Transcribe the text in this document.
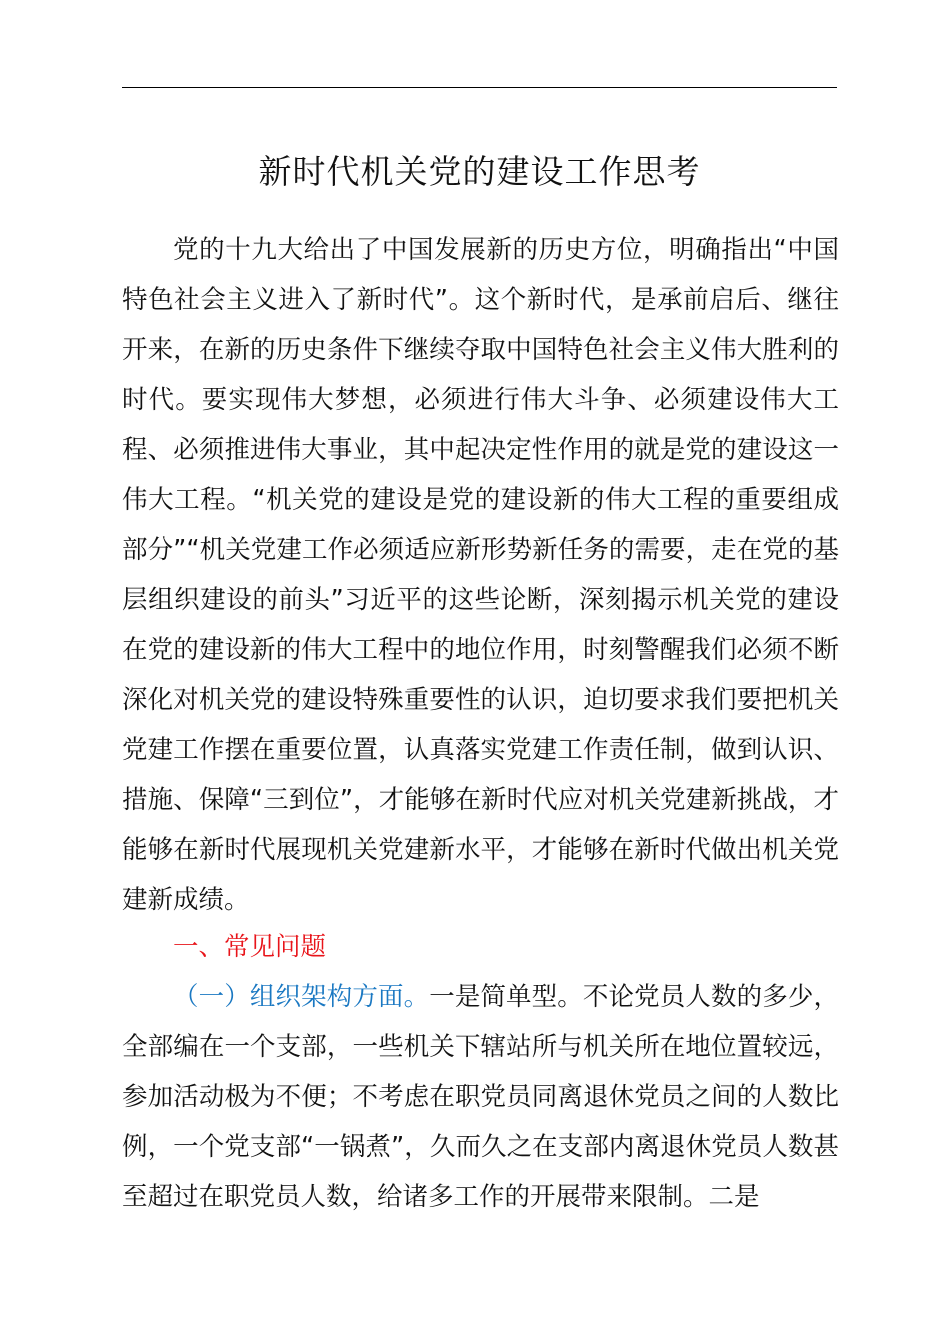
新时代机关党的建设工作思考

党的十九大给出了中国发展新的历史方位，明确指出“中国特色社会主义进入了新时代”。这个新时代，是承前启后、继往开来，在新的历史条件下继续夺取中国特色社会主义伟大胜利的时代。要实现伟大梦想，必须进行伟大斗争、必须建设伟大工程、必须推进伟大事业，其中起决定性作用的就是党的建设这一伟大工程。“机关党的建设是党的建设新的伟大工程的重要组成部分”“机关党建工作必须适应新形势新任务的需要，走在党的基层组织建设的前头”习近平的这些论断，深刻揭示机关党的建设在党的建设新的伟大工程中的地位作用，时刻警醒我们必须不断深化对机关党的建设特殊重要性的认识，迫切要求我们要把机关党建工作摆在重要位置，认真落实党建工作责任制，做到认识、措施、保障“三到位”，才能够在新时代应对机关党建新挑战，才能够在新时代展现机关党建新水平，才能够在新时代做出机关党建新成绩。

一、常见问题

（一）组织架构方面。一是简单型。不论党员人数的多少，全部编在一个支部，一些机关下辖站所与机关所在地位置较远，参加活动极为不便；不考虑在职党员同离退休党员之间的人数比例，一个党支部“一锅煮”，久而久之在支部内离退休党员人数甚至超过在职党员人数，给诸多工作的开展带来限制。二是
